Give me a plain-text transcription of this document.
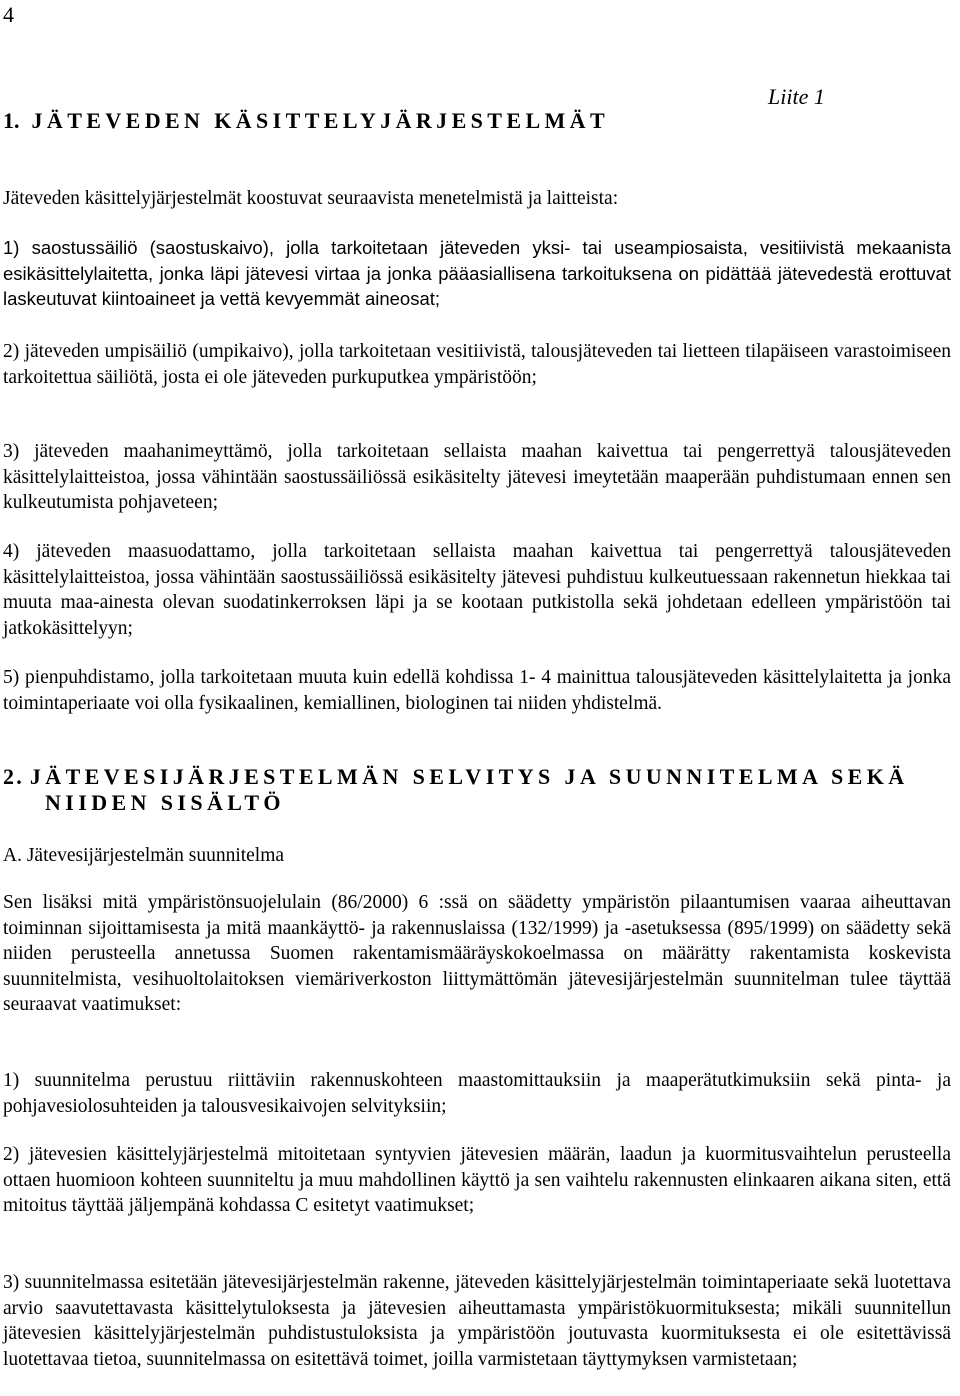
4
Liite 1
1. JÄTEVEDEN KÄSITTELYJÄRJESTELMÄT

Jäteveden käsittelyjärjestelmät koostuvat seuraavista menetelmistä ja laitteista:

1) saostussäiliö (saostuskaivo), jolla tarkoitetaan jäteveden yksi- tai useampiosaista, vesitiivistä mekaanista esikäsittelylaitetta, jonka läpi jätevesi virtaa ja jonka pääasiallisena tarkoituksena on pidättää jätevedestä erottuvat laskeutuvat kiintoaineet ja vettä kevyemmät aineosat;

2) jäteveden umpisäiliö (umpikaivo), jolla tarkoitetaan vesitiivistä, talousjäteveden tai lietteen tilapäiseen varastoimiseen tarkoitettua säiliötä, josta ei ole jäteveden purkuputkea ympäristöön;

3) jäteveden maahanimeyttämö, jolla tarkoitetaan sellaista maahan kaivettua tai pengerrettyä talousjäteveden käsittelylaitteistoa, jossa vähintään saostussäiliössä esikäsitelty jätevesi imeytetään maaperään puhdistumaan ennen sen kulkeutumista pohjaveteen;

4) jäteveden maasuodattamo, jolla tarkoitetaan sellaista maahan kaivettua tai pengerrettyä talousjäteveden käsittelylaitteistoa, jossa vähintään saostussäiliössä esikäsitelty jätevesi puhdistuu kulkeutuessaan rakennetun hiekkaa tai muuta maa-ainesta olevan suodatinkerroksen läpi ja se kootaan putkistolla sekä johdetaan edelleen ympäristöön tai jatkokäsittelyyn;

5) pienpuhdistamo, jolla tarkoitetaan muuta kuin edellä kohdissa 1- 4 mainittua talousjätevеden käsittelylaitetta ja jonka toimintaperiaate voi olla fysikaalinen, kemiallinen, biologinen tai niiden yhdistelmä.

2. JÄTEVESIJÄRJESTELMÄN SELVITYS JA SUUNNITELMA SEKÄ
NIIDEN SISÄLTÖ
A. Jätevesijärjestelmän suunnitelma

Sen lisäksi mitä ympäristönsuojelulain (86/2000) 6 :ssä on säädetty ympäristön pilaantumisen vaaraa aiheuttavan toiminnan sijoittamisesta ja mitä maankäyttö- ja rakennuslaissa (132/1999) ja -asetuksessa (895/1999) on säädetty sekä niiden perusteella annetussa Suomen rakentamismääräyskokoelmassa on määrätty rakentamista koskevista suunnitelmista, vesihuoltolaitoksen viemäriverkoston liittymättömän jätevesijärjestelmän suunnitelman tulee täyttää seuraavat vaatimukset:

1) suunnitelma perustuu riittäviin rakennuskohteen maastomittauksiin ja maaperätutkimuksiin sekä pinta- ja pohjavesiolosuhteiden ja talousvesikaivojen selvityksiin;

2) jätevesien käsittelyjärjestelmä mitoitetaan syntyvien jätevesien määrän, laadun ja kuormitusvaihtelun perusteella ottaen huomioon kohteen suunniteltu ja muu mahdollinen käyttö ja sen vaihtelu rakennusten elinkaaren aikana siten, että mitoitus täyttää jäljempänä kohdassa C esitetyt vaatimukset;

3) suunnitelmassa esitetään jätevesijärjestelmän rakenne, jäteveden käsittelyjärjestelmän toimintaperiaate sekä luotettava arvio saavutettavasta käsittelytuloksesta ja jätevesien aiheuttamasta ympäristökuormituksesta; mikäli suunnitellun jätevesien käsittelyjärjestelmän puhdistustuloksista ja ympäristöön joutuvasta kuormituksesta ei ole esitettävissä luotettavaa tietoa, suunnitelmassa on esitettävä toimet, joilla varmistetaan täyttymyksen varmistetaan;
